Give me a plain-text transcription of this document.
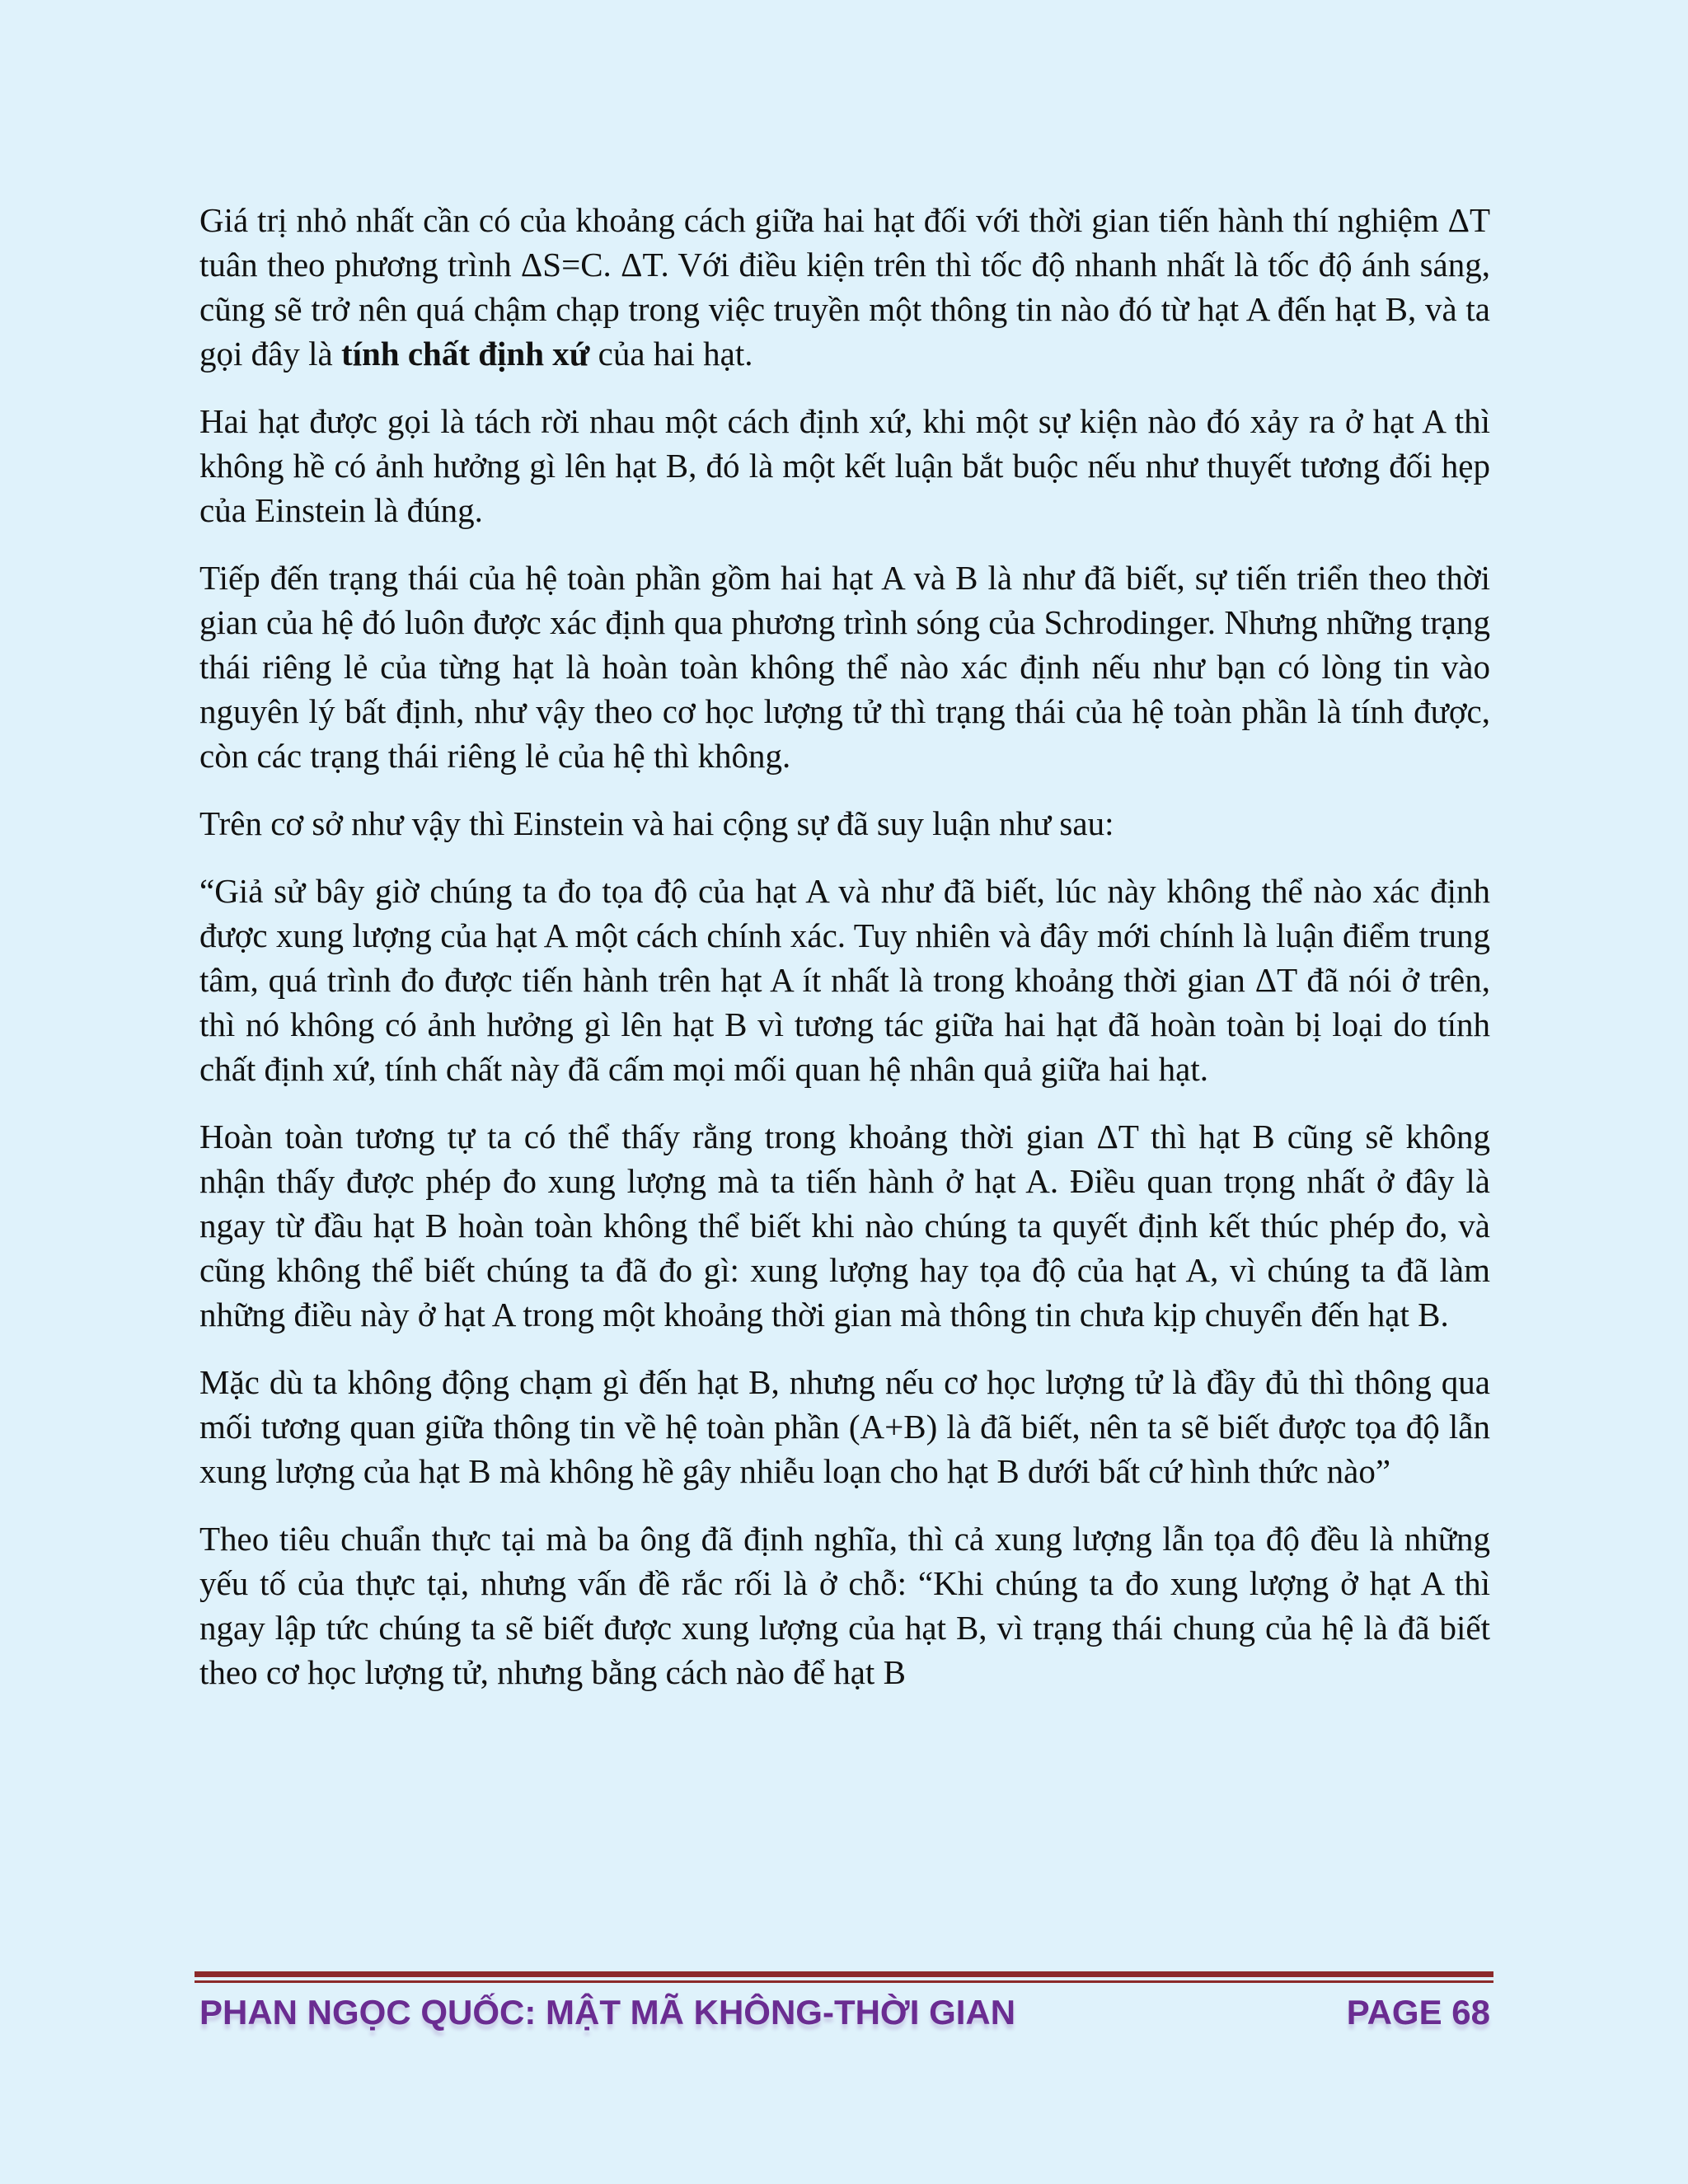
Giá trị nhỏ nhất cần có của khoảng cách giữa hai hạt đối với thời gian tiến hành thí nghiệm ΔT tuân theo phương trình ΔS=C. ΔT. Với điều kiện trên thì tốc độ nhanh nhất là tốc độ ánh sáng, cũng sẽ trở nên quá chậm chạp trong việc truyền một thông tin nào đó từ hạt A đến hạt B, và ta gọi đây là tính chất định xứ của hai hạt.

Hai hạt được gọi là tách rời nhau một cách định xứ, khi một sự kiện nào đó xảy ra ở hạt A thì không hề có ảnh hưởng gì lên hạt B, đó là một kết luận bắt buộc nếu như thuyết tương đối hẹp của Einstein là đúng.

Tiếp đến trạng thái của hệ toàn phần gồm hai hạt A và B là như đã biết, sự tiến triển theo thời gian của hệ đó luôn được xác định qua phương trình sóng của Schrodinger. Nhưng những trạng thái riêng lẻ của từng hạt là hoàn toàn không thể nào xác định nếu như bạn có lòng tin vào nguyên lý bất định, như vậy theo cơ học lượng tử thì trạng thái của hệ toàn phần là tính được, còn các trạng thái riêng lẻ của hệ thì không.

Trên cơ sở như vậy thì Einstein và hai cộng sự đã suy luận như sau:

“Giả sử bây giờ chúng ta đo tọa độ của hạt A và như đã biết, lúc này không thể nào xác định được xung lượng của hạt A một cách chính xác. Tuy nhiên và đây mới chính là luận điểm trung tâm, quá trình đo được tiến hành trên hạt A ít nhất là trong khoảng thời gian ΔT đã nói ở trên, thì nó không có ảnh hưởng gì lên hạt B vì tương tác giữa hai hạt đã hoàn toàn bị loại do tính chất định xứ, tính chất này đã cấm mọi mối quan hệ nhân quả giữa hai hạt.

Hoàn toàn tương tự ta có thể thấy rằng trong khoảng thời gian ΔT thì hạt B cũng sẽ không nhận thấy được phép đo xung lượng mà ta tiến hành ở hạt A. Điều quan trọng nhất ở đây là ngay từ đầu hạt B hoàn toàn không thể biết khi nào chúng ta quyết định kết thúc phép đo, và cũng không thể biết chúng ta đã đo gì: xung lượng hay tọa độ của hạt A, vì chúng ta đã làm những điều này ở hạt A trong một khoảng thời gian mà thông tin chưa kịp chuyển đến hạt B.

Mặc dù ta không động chạm gì đến hạt B, nhưng nếu cơ học lượng tử là đầy đủ thì thông qua mối tương quan giữa thông tin về hệ toàn phần (A+B) là đã biết, nên ta sẽ biết được tọa độ lẫn xung lượng của hạt B mà không hề gây nhiễu loạn cho hạt B dưới bất cứ hình thức nào”

Theo tiêu chuẩn thực tại mà ba ông đã định nghĩa, thì cả xung lượng lẫn tọa độ đều là những yếu tố của thực tại, nhưng vấn đề rắc rối là ở chỗ: “Khi chúng ta đo xung lượng ở hạt A thì ngay lập tức chúng ta sẽ biết được xung lượng của hạt B, vì trạng thái chung của hệ là đã biết theo cơ học lượng tử, nhưng bằng cách nào để hạt B

PHAN NGỌC QUỐC: MẬT MÃ KHÔNG-THỜI GIAN	PAGE 68
